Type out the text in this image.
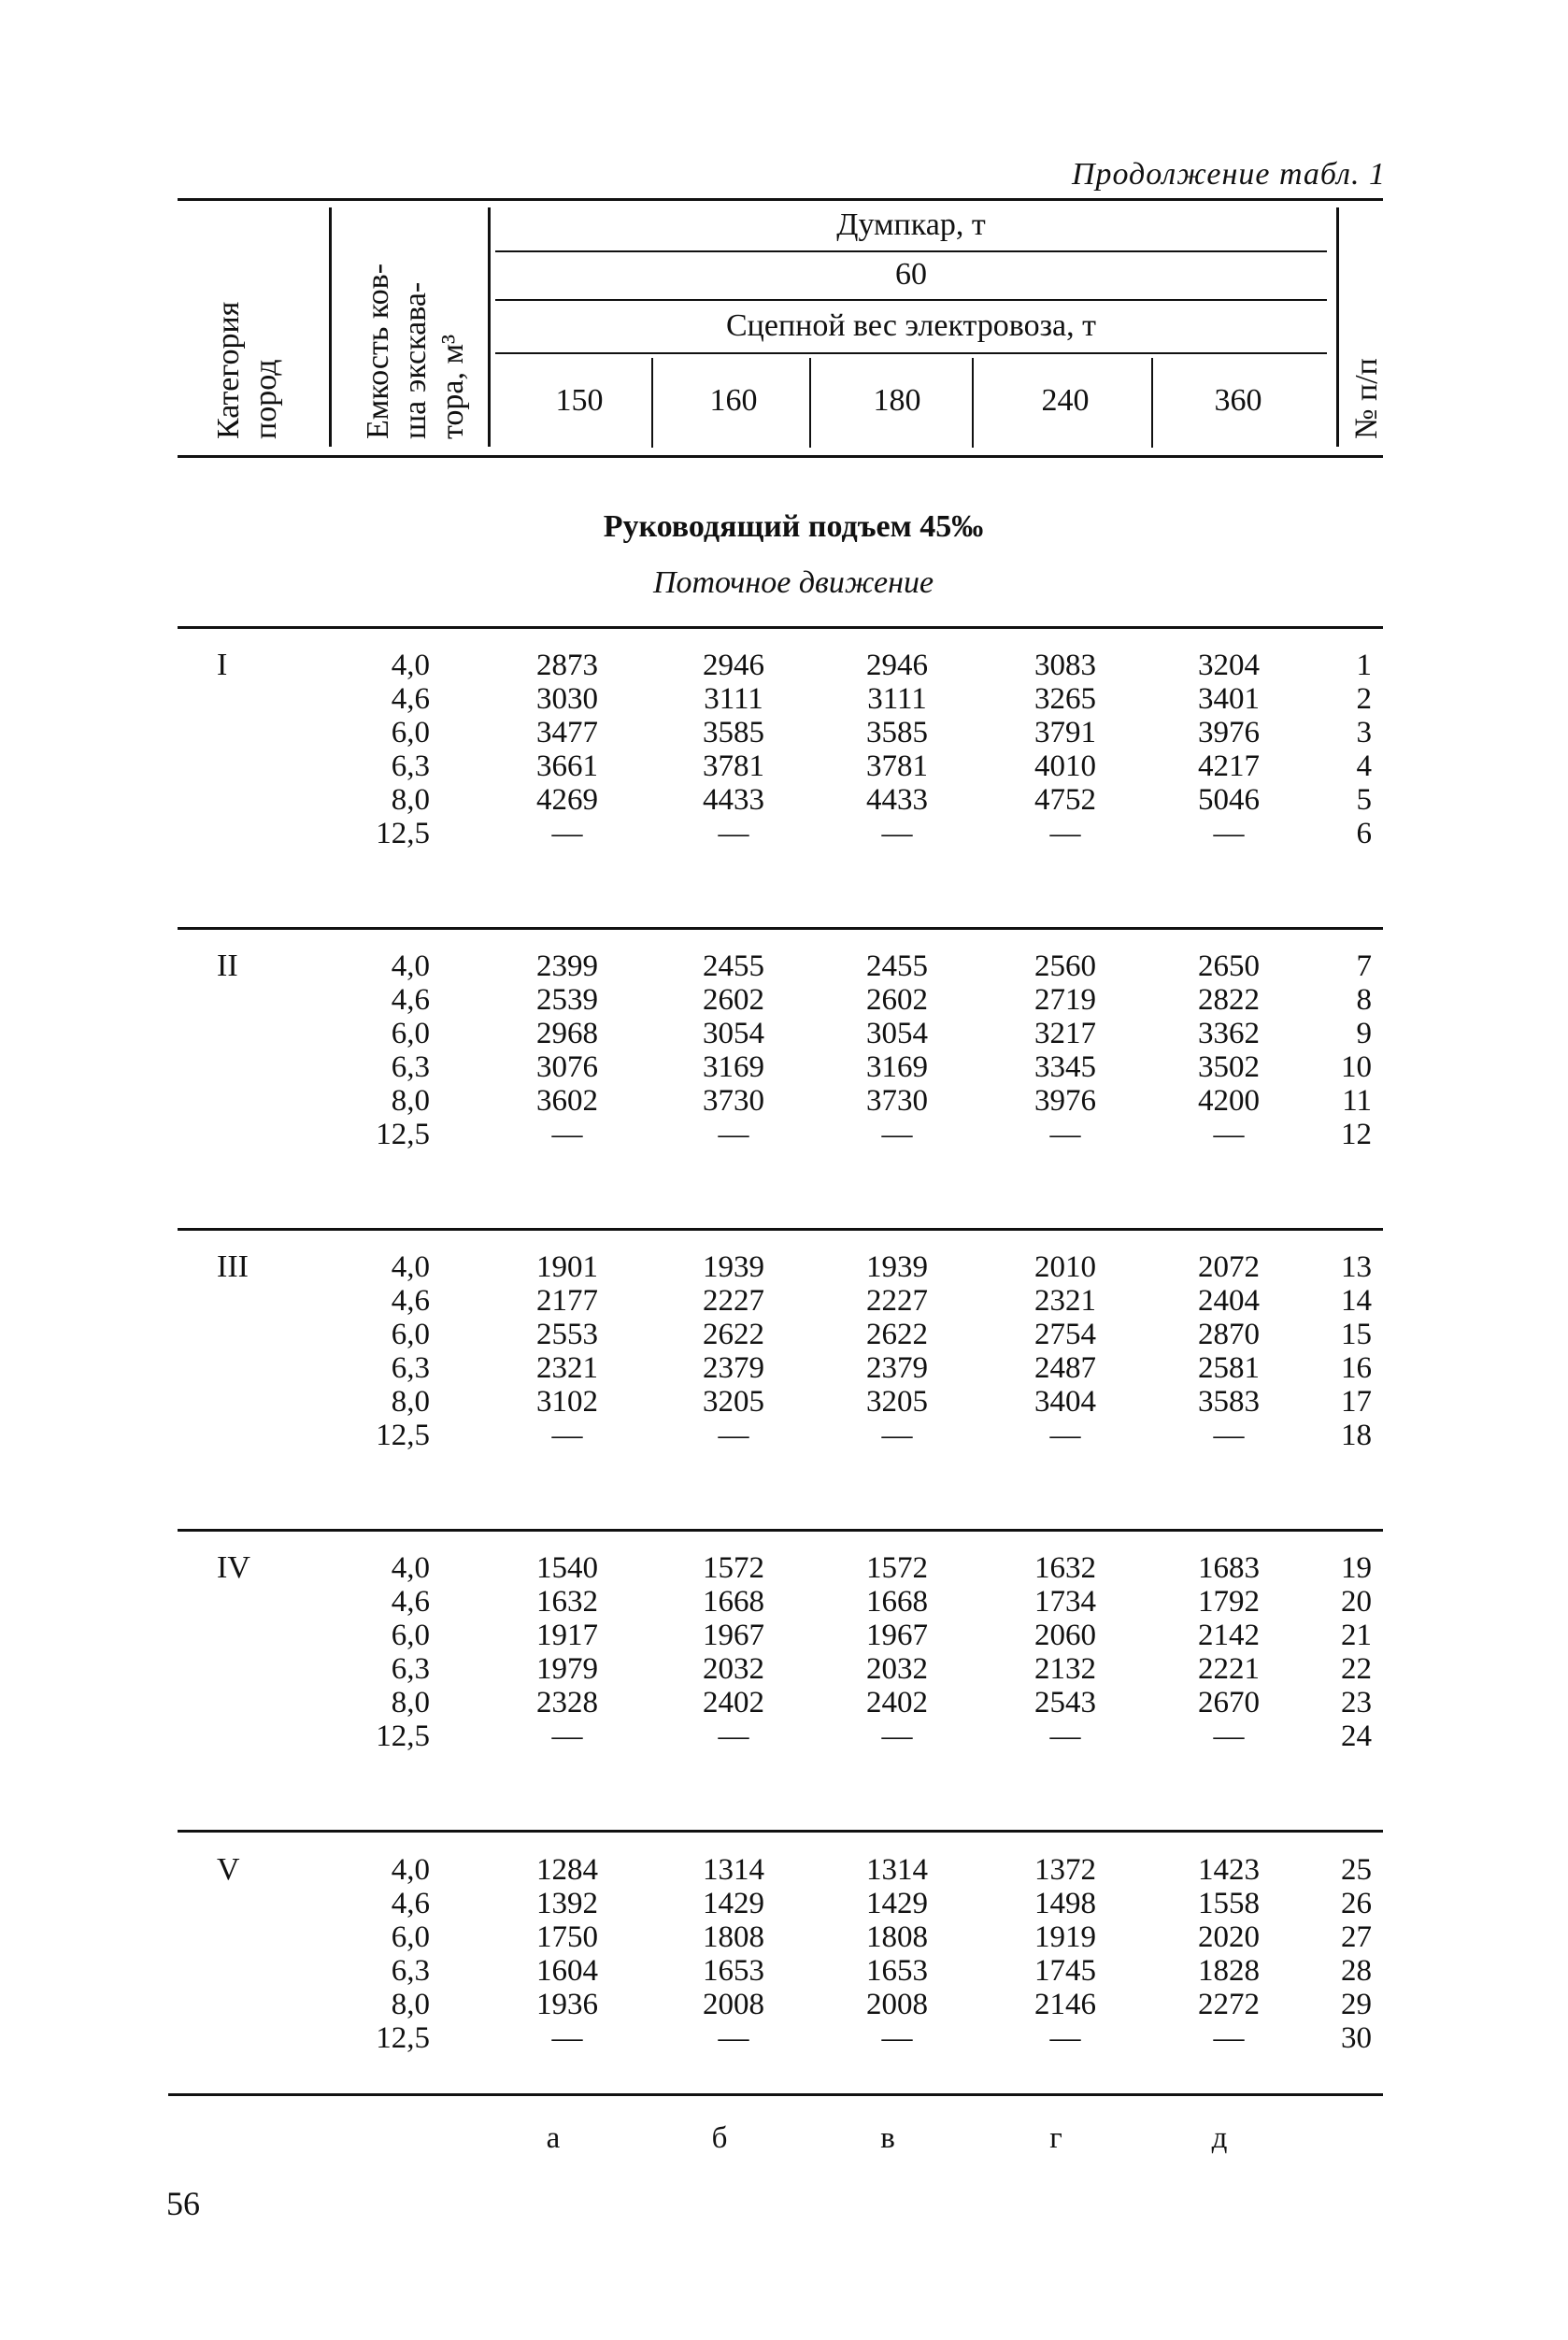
Продолжение табл. 1
Категория пород Емкость ков- ша экскава- тора, м³	№ п/п
Думпкар, т
60
Сцепной вес электровоза, т
150	160	180	240	360
Руководящий подъем 45‰
Поточное движение
I	4,0	2873	2946	2946	3083	3204	1
4,6	3030	3111	3111	3265	3401	2
6,0	3477	3585	3585	3791	3976	3
6,3	3661	3781	3781	4010	4217	4
8,0	4269	4433	4433	4752	5046	5
12,5	—	—	—	—	—	6
II	4,0	2399	2455	2455	2560	2650	7
4,6	2539	2602	2602	2719	2822	8
6,0	2968	3054	3054	3217	3362	9
6,3	3076	3169	3169	3345	3502	10
8,0	3602	3730	3730	3976	4200	11
12,5	—	—	—	—	—	12
III	4,0	1901	1939	1939	2010	2072	13
4,6	2177	2227	2227	2321	2404	14
6,0	2553	2622	2622	2754	2870	15
6,3	2321	2379	2379	2487	2581	16
8,0	3102	3205	3205	3404	3583	17
12,5	—	—	—	—	—	18
IV	4,0	1540	1572	1572	1632	1683	19
4,6	1632	1668	1668	1734	1792	20
6,0	1917	1967	1967	2060	2142	21
6,3	1979	2032	2032	2132	2221	22
8,0	2328	2402	2402	2543	2670	23
12,5	—	—	—	—	—	24
V	4,0	1284	1314	1314	1372	1423	25
4,6	1392	1429	1429	1498	1558	26
6,0	1750	1808	1808	1919	2020	27
6,3	1604	1653	1653	1745	1828	28
8,0	1936	2008	2008	2146	2272	29
12,5	—	—	—	—	—	30
а	б	в	г	д
56
